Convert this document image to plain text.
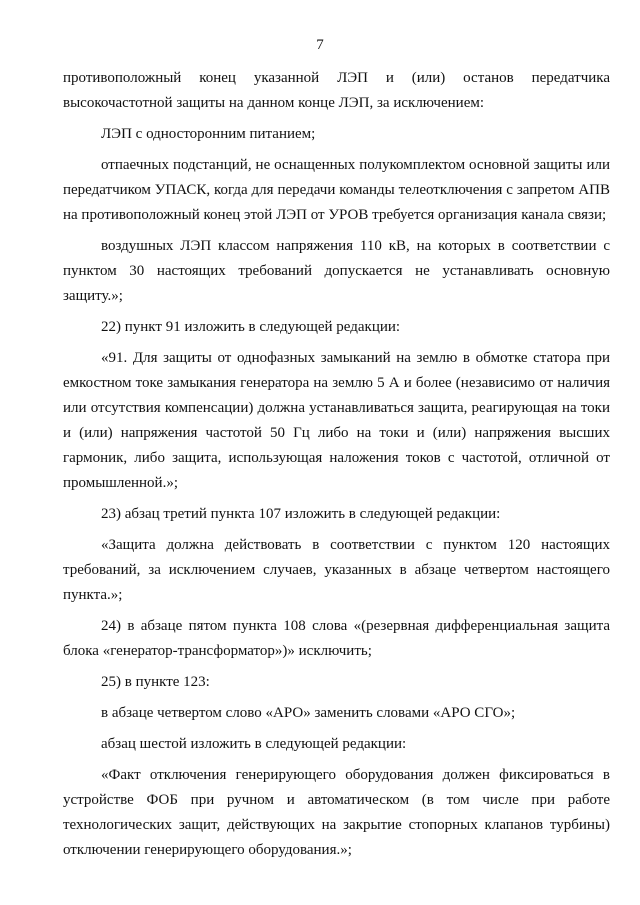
7

противоположный конец указанной ЛЭП и (или) останов передатчика высокочастотной защиты на данном конце ЛЭП, за исключением:

ЛЭП с односторонним питанием;

отпаечных подстанций, не оснащенных полукомплектом основной защиты или передатчиком УПАСК, когда для передачи команды телеотключения с запретом АПВ на противоположный конец этой ЛЭП от УРОВ требуется организация канала связи;

воздушных ЛЭП классом напряжения 110 кВ, на которых в соответствии с пунктом 30 настоящих требований допускается не устанавливать основную защиту.»;

22) пункт 91 изложить в следующей редакции:

«91. Для защиты от однофазных замыканий на землю в обмотке статора при емкостном токе замыкания генератора на землю 5 А и более (независимо от наличия или отсутствия компенсации) должна устанавливаться защита, реагирующая на токи и (или) напряжения частотой 50 Гц либо на токи и (или) напряжения высших гармоник, либо защита, использующая наложения токов с частотой, отличной от промышленной.»;

23) абзац третий пункта 107 изложить в следующей редакции:

«Защита должна действовать в соответствии с пунктом 120 настоящих требований, за исключением случаев, указанных в абзаце четвертом настоящего пункта.»;

24) в абзаце пятом пункта 108 слова «(резервная дифференциальная защита блока «генератор-трансформатор»)» исключить;

25) в пункте 123:

в абзаце четвертом слово «АРО» заменить словами «АРО СГО»;

абзац шестой изложить в следующей редакции:

«Факт отключения генерирующего оборудования должен фиксироваться в устройстве ФОБ при ручном и автоматическом (в том числе при работе технологических защит, действующих на закрытие стопорных клапанов турбины) отключении генерирующего оборудования.»;
